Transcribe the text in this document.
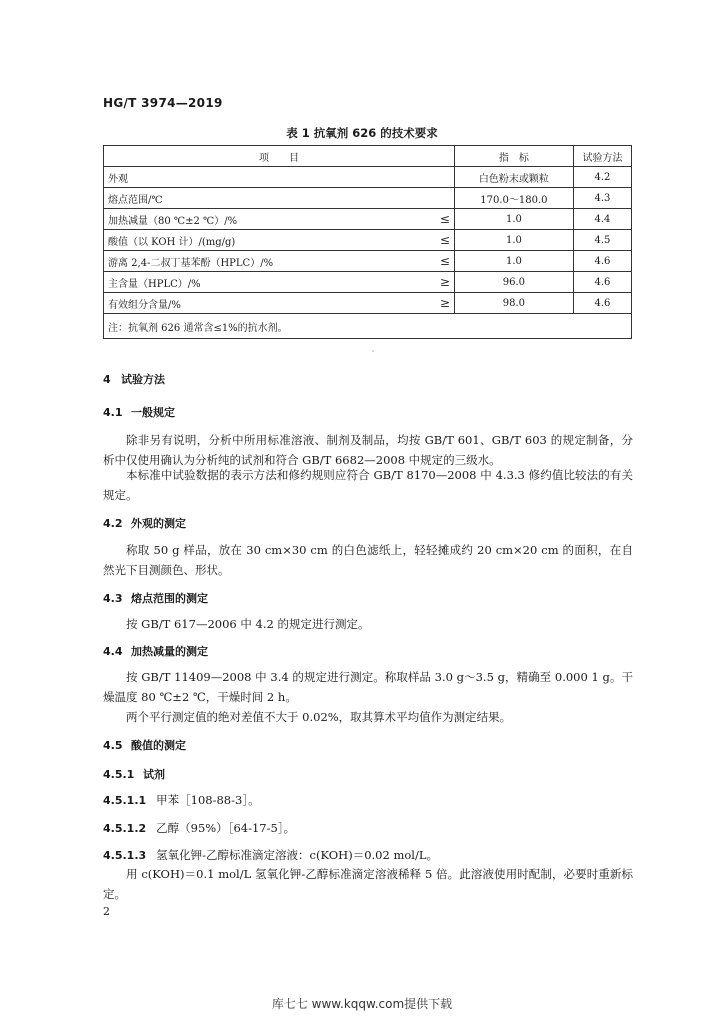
HG/T 3974—2019
表 1 抗氧剂 626 的技术要求
项　　目		指　标	试验方法
外观		白色粉末或颗粒	4.2
熔点范围/℃		170.0～180.0	4.3
加热减量（80 ℃±2 ℃）/%	≤	1.0	4.4
酸值（以 KOH 计）/(mg/g)	≤	1.0	4.5
游离 2,4-二叔丁基苯酚（HPLC）/%	≤	1.0	4.6
主含量（HPLC）/%	≥	96.0	4.6
有效组分含量/%	≥	98.0	4.6
注：抗氧剂 626 通常含≤1%的抗水剂。			
4 试验方法
4.1 一般规定
除非另有说明，分析中所用标准溶液、制剂及制品，均按 GB/T 601、GB/T 603 的规定制备，分析中仅使用确认为分析纯的试剂和符合 GB/T 6682—2008 中规定的三级水。
本标准中试验数据的表示方法和修约规则应符合 GB/T 8170—2008 中 4.3.3 修约值比较法的有关规定。
4.2 外观的测定
称取 50 g 样品，放在 30 cm×30 cm 的白色滤纸上，轻轻摊成约 20 cm×20 cm 的面积，在自然光下目测颜色、形状。
4.3 熔点范围的测定
按 GB/T 617—2006 中 4.2 的规定进行测定。
4.4 加热减量的测定
按 GB/T 11409—2008 中 3.4 的规定进行测定。称取样品 3.0 g～3.5 g，精确至 0.000 1 g。干燥温度 80 ℃±2 ℃，干燥时间 2 h。
两个平行测定值的绝对差值不大于 0.02%，取其算术平均值作为测定结果。
4.5 酸值的测定
4.5.1 试剂
4.5.1.1 甲苯［108-88-3］。
4.5.1.2 乙醇（95%）［64-17-5］。
4.5.1.3 氢氧化钾-乙醇标准滴定溶液：c(KOH)＝0.02 mol/L。
用 c(KOH)＝0.1 mol/L 氢氧化钾-乙醇标准滴定溶液稀释 5 倍。此溶液使用时配制，必要时重新标定。
2
库七七 www.kqqw.com提供下载
